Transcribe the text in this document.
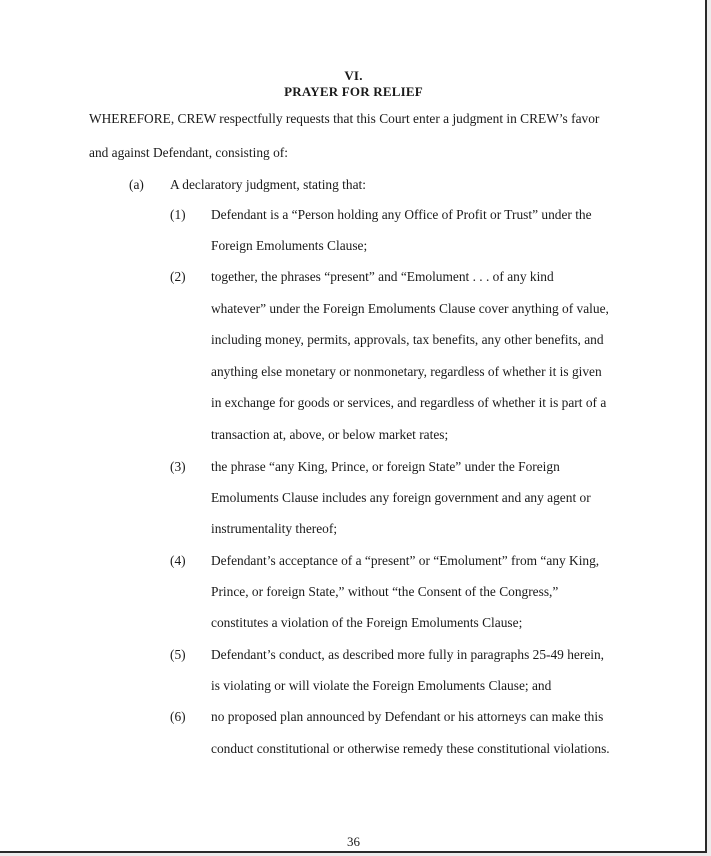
VI.
PRAYER FOR RELIEF
WHEREFORE, CREW respectfully requests that this Court enter a judgment in CREW’s favor
and against Defendant, consisting of:
(a) A declaratory judgment, stating that:
(1) Defendant is a “Person holding any Office of Profit or Trust” under the
Foreign Emoluments Clause;
(2) together, the phrases “present” and “Emolument . . . of any kind
whatever” under the Foreign Emoluments Clause cover anything of value,
including money, permits, approvals, tax benefits, any other benefits, and
anything else monetary or nonmonetary, regardless of whether it is given
in exchange for goods or services, and regardless of whether it is part of a
transaction at, above, or below market rates;
(3) the phrase “any King, Prince, or foreign State” under the Foreign
Emoluments Clause includes any foreign government and any agent or
instrumentality thereof;
(4) Defendant’s acceptance of a “present” or “Emolument” from “any King,
Prince, or foreign State,” without “the Consent of the Congress,”
constitutes a violation of the Foreign Emoluments Clause;
(5) Defendant’s conduct, as described more fully in paragraphs 25-49 herein,
is violating or will violate the Foreign Emoluments Clause; and
(6) no proposed plan announced by Defendant or his attorneys can make this
conduct constitutional or otherwise remedy these constitutional violations.
36
